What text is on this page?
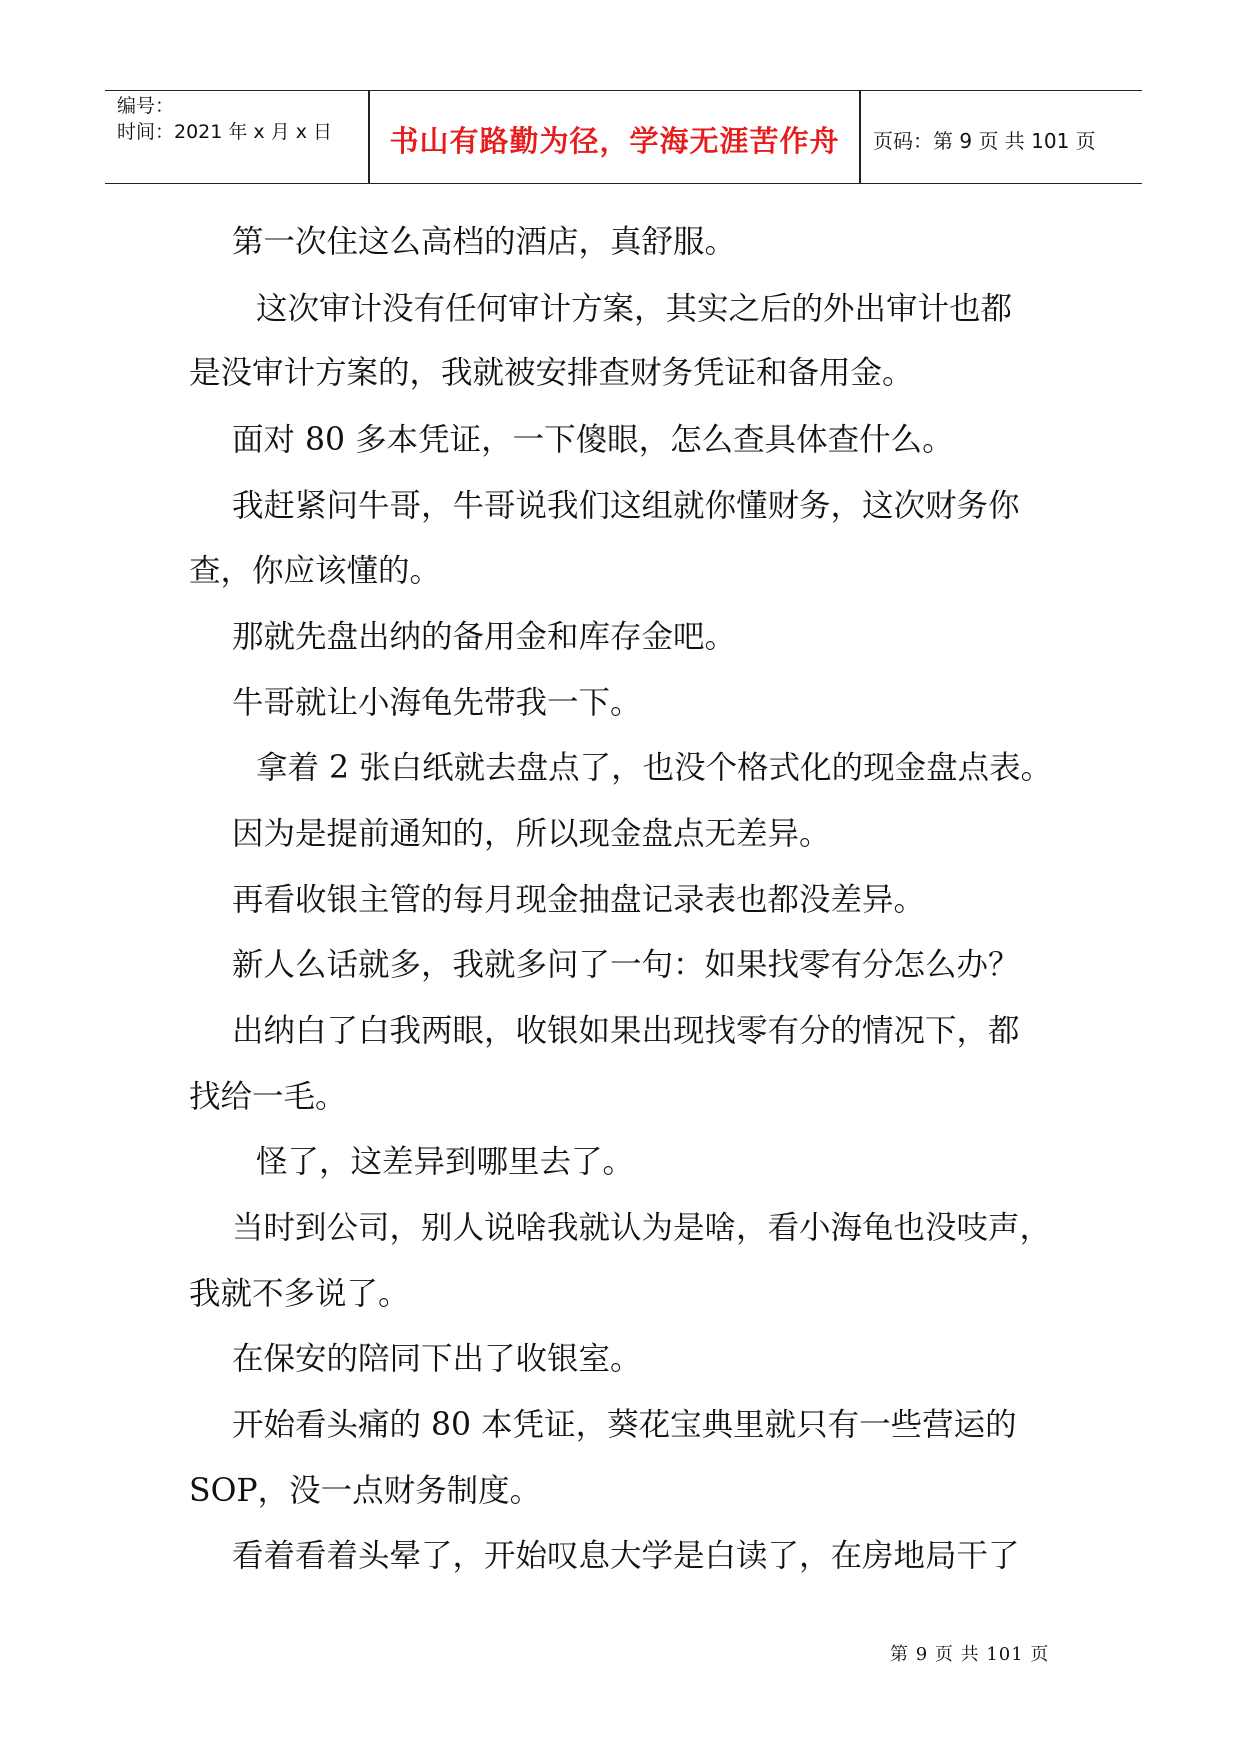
编号：
时间：2021 年 x 月 x 日	书山有路勤为径，学海无涯苦作舟	页码：第 9 页 共 101 页
第一次住这么高档的酒店，真舒服。
这次审计没有任何审计方案，其实之后的外出审计也都
是没审计方案的，我就被安排查财务凭证和备用金。
面对 80 多本凭证，一下傻眼，怎么查具体查什么。
我赶紧问牛哥，牛哥说我们这组就你懂财务，这次财务你
查，你应该懂的。
那就先盘出纳的备用金和库存金吧。
牛哥就让小海龟先带我一下。
拿着 2 张白纸就去盘点了，也没个格式化的现金盘点表。
因为是提前通知的，所以现金盘点无差异。
再看收银主管的每月现金抽盘记录表也都没差异。
新人么话就多，我就多问了一句：如果找零有分怎么办？
出纳白了白我两眼，收银如果出现找零有分的情况下，都
找给一毛。
怪了，这差异到哪里去了。
当时到公司，别人说啥我就认为是啥，看小海龟也没吱声，
我就不多说了。
在保安的陪同下出了收银室。
开始看头痛的 80 本凭证，葵花宝典里就只有一些营运的
SOP，没一点财务制度。
看着看着头晕了，开始叹息大学是白读了，在房地局干了
第 9 页 共 101 页
